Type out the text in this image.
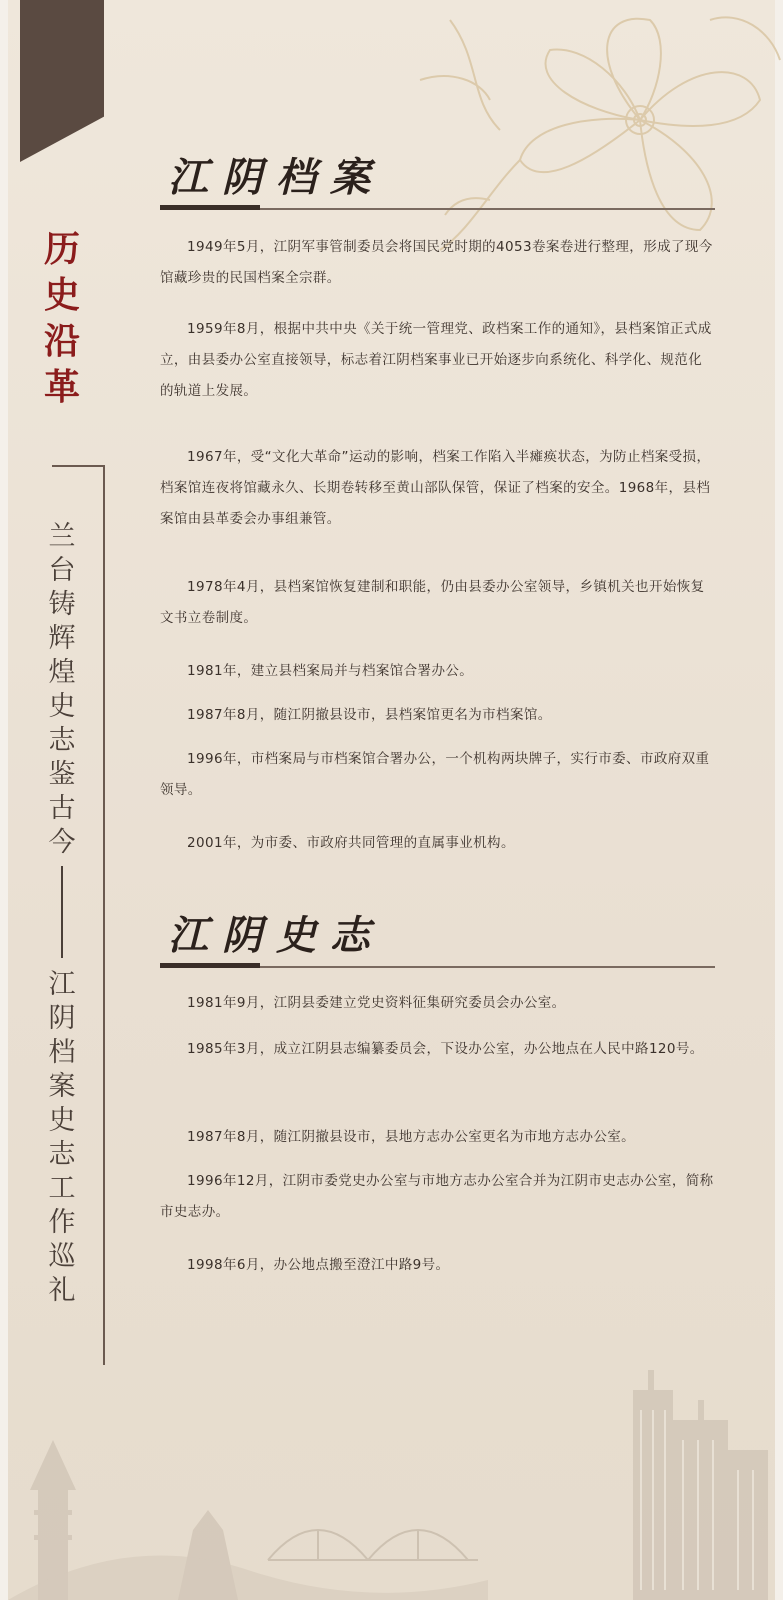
历
史
沿
革
兰
台
铸
辉
煌
史
志
鉴
古
今
江
阴
档
案
史
志
工
作
巡
礼
江阴档案

1949年5月，江阴军事管制委员会将国民党时期的4053卷案卷进行整理，形成了现今馆藏珍贵的民国档案全宗群。

1959年8月，根据中共中央《关于统一管理党、政档案工作的通知》，县档案馆正式成立，由县委办公室直接领导，标志着江阴档案事业已开始逐步向系统化、科学化、规范化的轨道上发展。

1967年，受“文化大革命”运动的影响，档案工作陷入半瘫痪状态，为防止档案受损，档案馆连夜将馆藏永久、长期卷转移至黄山部队保管，保证了档案的安全。1968年，县档案馆由县革委会办事组兼管。

1978年4月，县档案馆恢复建制和职能，仍由县委办公室领导，乡镇机关也开始恢复文书立卷制度。

1981年，建立县档案局并与档案馆合署办公。

1987年8月，随江阴撤县设市，县档案馆更名为市档案馆。

1996年，市档案局与市档案馆合署办公，一个机构两块牌子，实行市委、市政府双重领导。

2001年，为市委、市政府共同管理的直属事业机构。

江阴史志

1981年9月，江阴县委建立党史资料征集研究委员会办公室。

1985年3月，成立江阴县志编纂委员会，下设办公室，办公地点在人民中路120号。

1987年8月，随江阴撤县设市，县地方志办公室更名为市地方志办公室。

1996年12月，江阴市委党史办公室与市地方志办公室合并为江阴市史志办公室，简称市史志办。

1998年6月，办公地点搬至澄江中路9号。
